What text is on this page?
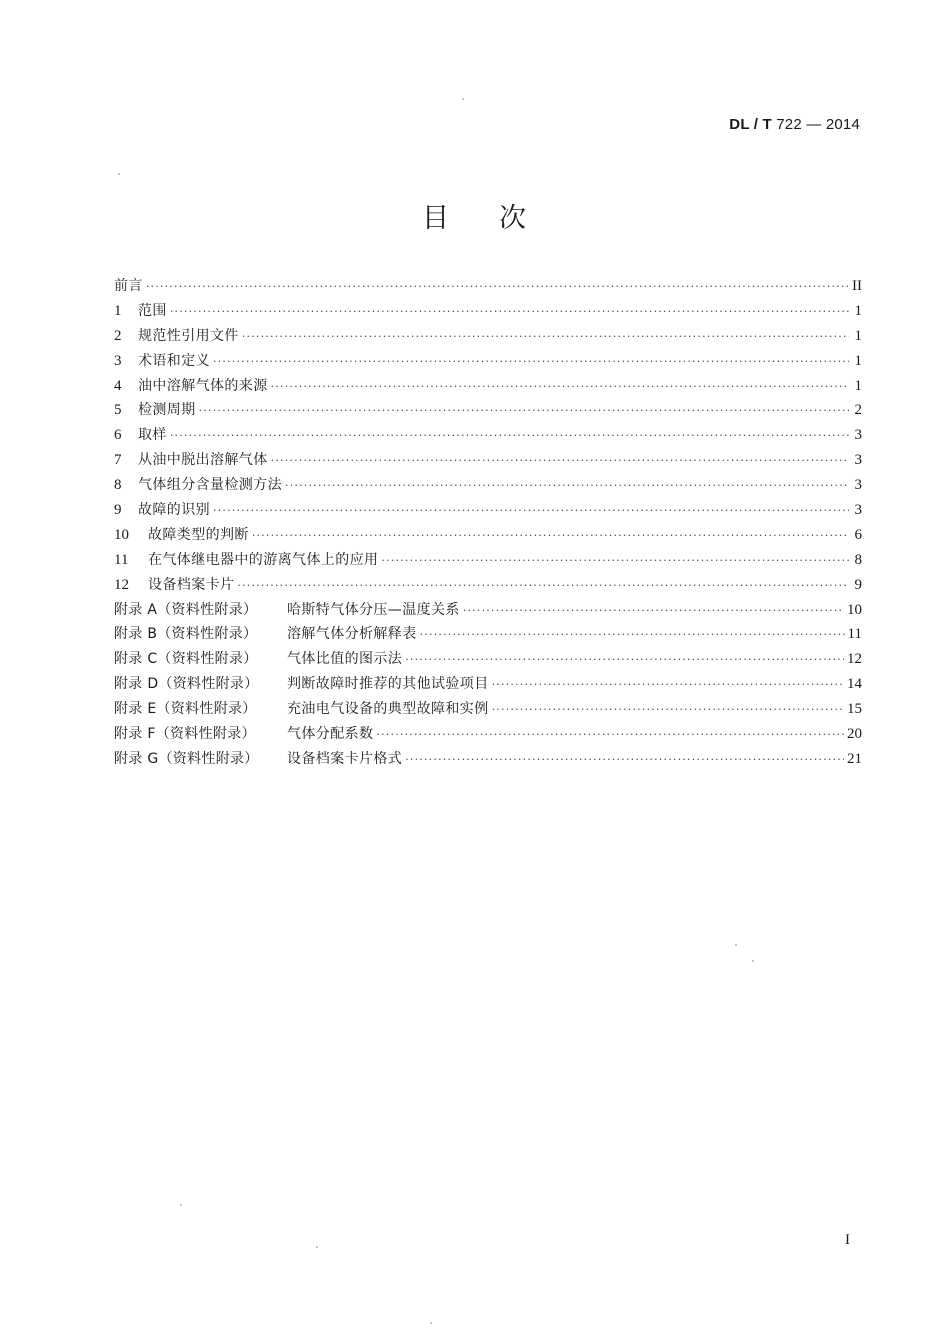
DL / T 722 — 2014
目 次
前言 ·····	II
1	范围 ·····	1
2	规范性引用文件 ·····	1
3	术语和定义 ·····	1
4	油中溶解气体的来源 ·····	1
5	检测周期 ·····	2
6	取样 ·····	3
7	从油中脱出溶解气体 ·····	3
8	气体组分含量检测方法 ·····	3
9	故障的识别 ·····	3
10	故障类型的判断 ·····	6
11	在气体继电器中的游离气体上的应用 ·····	8
12	设备档案卡片 ·····	9
附录 A（资料性附录）	哈斯特气体分压—温度关系 ·····	10
附录 B（资料性附录）	溶解气体分析解释表 ·····	11
附录 C（资料性附录）	气体比值的图示法 ·····	12
附录 D（资料性附录）	判断故障时推荐的其他试验项目 ·····	14
附录 E（资料性附录）	充油电气设备的典型故障和实例 ·····	15
附录 F（资料性附录）	气体分配系数 ·····	20
附录 G（资料性附录）	设备档案卡片格式 ·····	21
I
